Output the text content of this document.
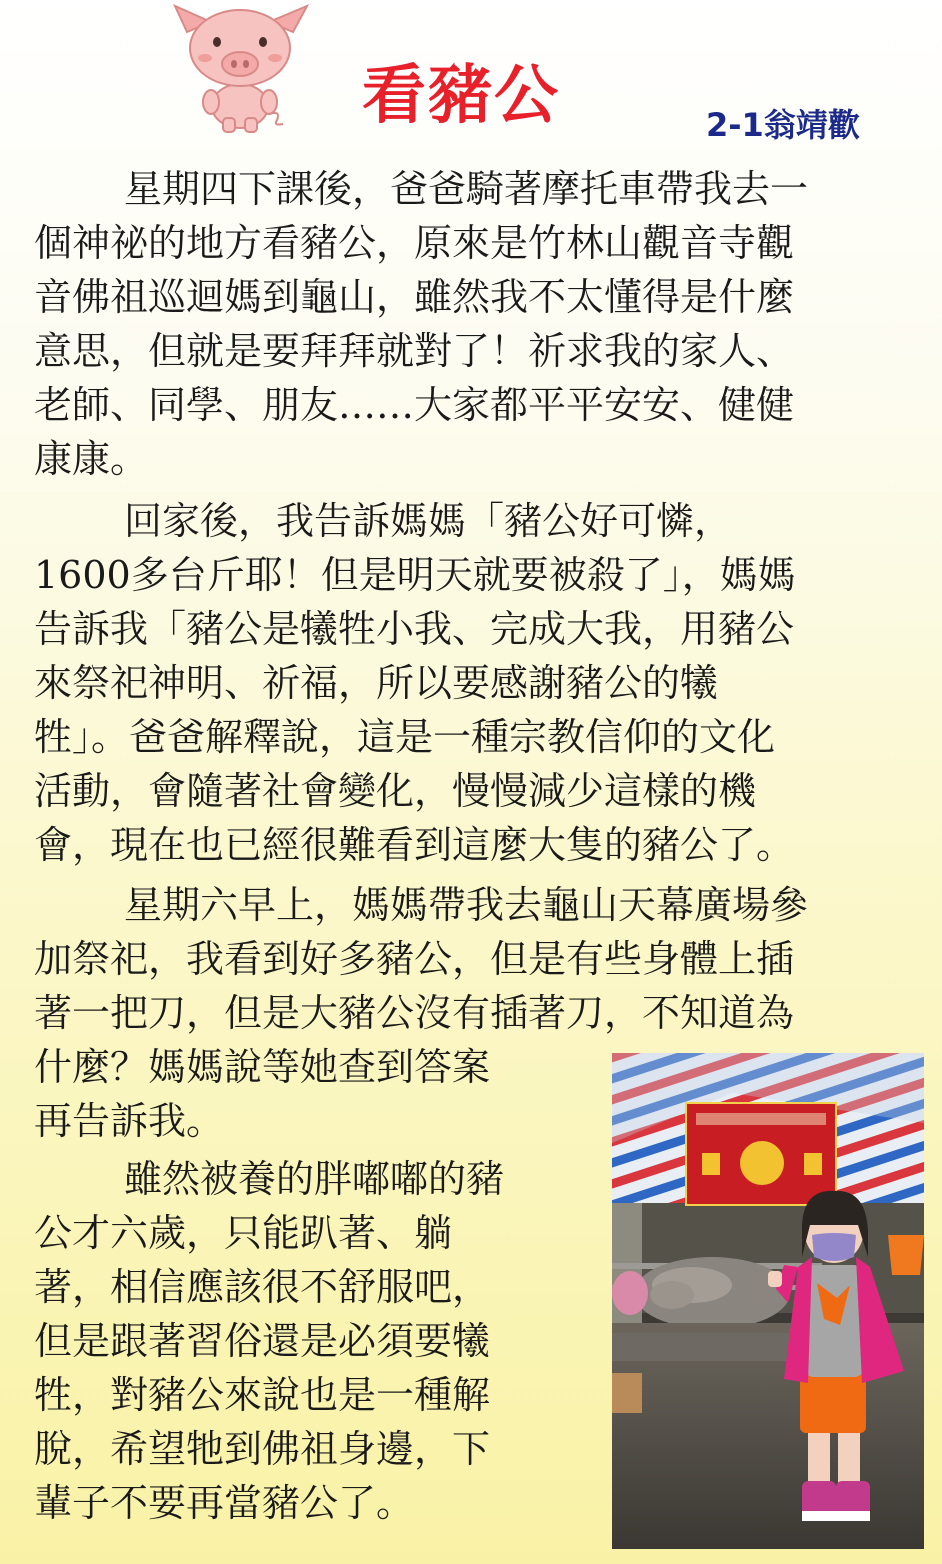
看豬公	2-1翁靖歡

星期四下課後，爸爸騎著摩托車帶我去一
個神祕的地方看豬公，原來是竹林山觀音寺觀
音佛祖巡迴媽到龜山，雖然我不太懂得是什麼
意思，但就是要拜拜就對了！祈求我的家人、
老師、同學、朋友……大家都平平安安、健健
康康。

回家後，我告訴媽媽「豬公好可憐，
1600多台斤耶！但是明天就要被殺了」，媽媽
告訴我「豬公是犧牲小我、完成大我，用豬公
來祭祀神明、祈福，所以要感謝豬公的犧
牲」。爸爸解釋說，這是一種宗教信仰的文化
活動，會隨著社會變化，慢慢減少這樣的機
會，現在也已經很難看到這麼大隻的豬公了。

星期六早上，媽媽帶我去龜山天幕廣場參
加祭祀，我看到好多豬公，但是有些身體上插
著一把刀，但是大豬公沒有插著刀，不知道為
什麼？媽媽說等她查到答案
再告訴我。

雖然被養的胖嘟嘟的豬
公才六歲，只能趴著、躺
著，相信應該很不舒服吧，
但是跟著習俗還是必須要犧
牲，對豬公來說也是一種解
脫，希望牠到佛祖身邊，下
輩子不要再當豬公了。
